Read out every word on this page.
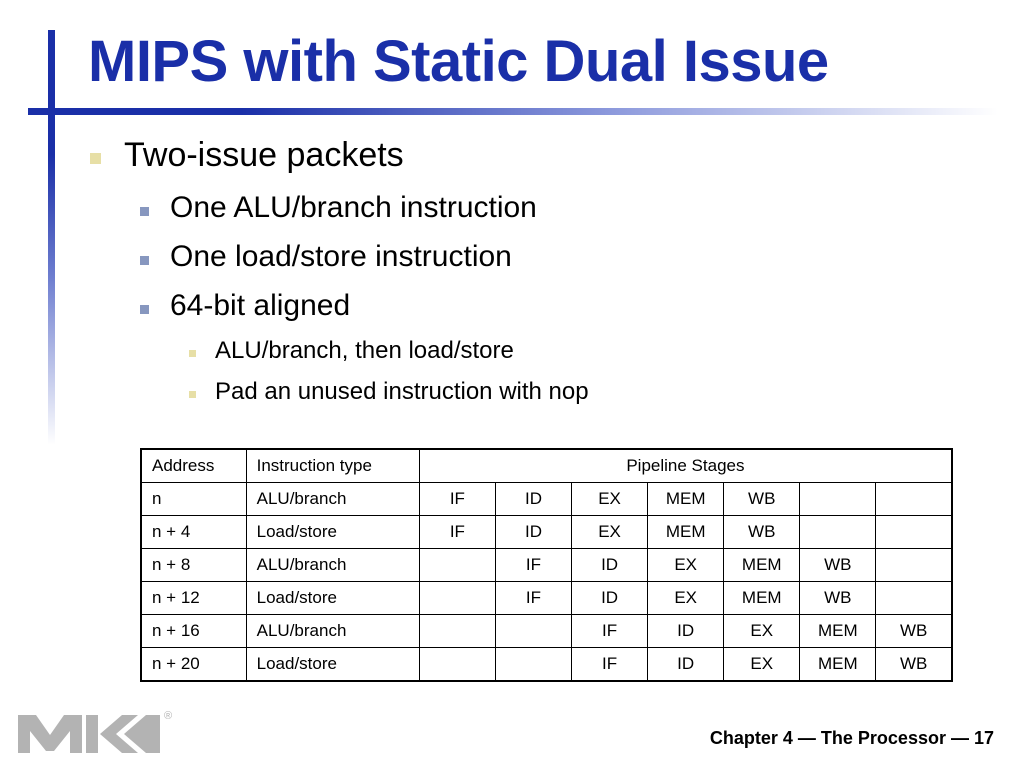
MIPS with Static Dual Issue
Two-issue packets
One ALU/branch instruction
One load/store instruction
64-bit aligned
ALU/branch, then load/store
Pad an unused instruction with nop
Address	Instruction type	Pipeline Stages						
n	ALU/branch	IF	ID	EX	MEM	WB		
n + 4	Load/store	IF	ID	EX	MEM	WB		
n + 8	ALU/branch		IF	ID	EX	MEM	WB	
n + 12	Load/store		IF	ID	EX	MEM	WB	
n + 16	ALU/branch			IF	ID	EX	MEM	WB
n + 20	Load/store			IF	ID	EX	MEM	WB
®
Chapter 4 — The Processor — 17
